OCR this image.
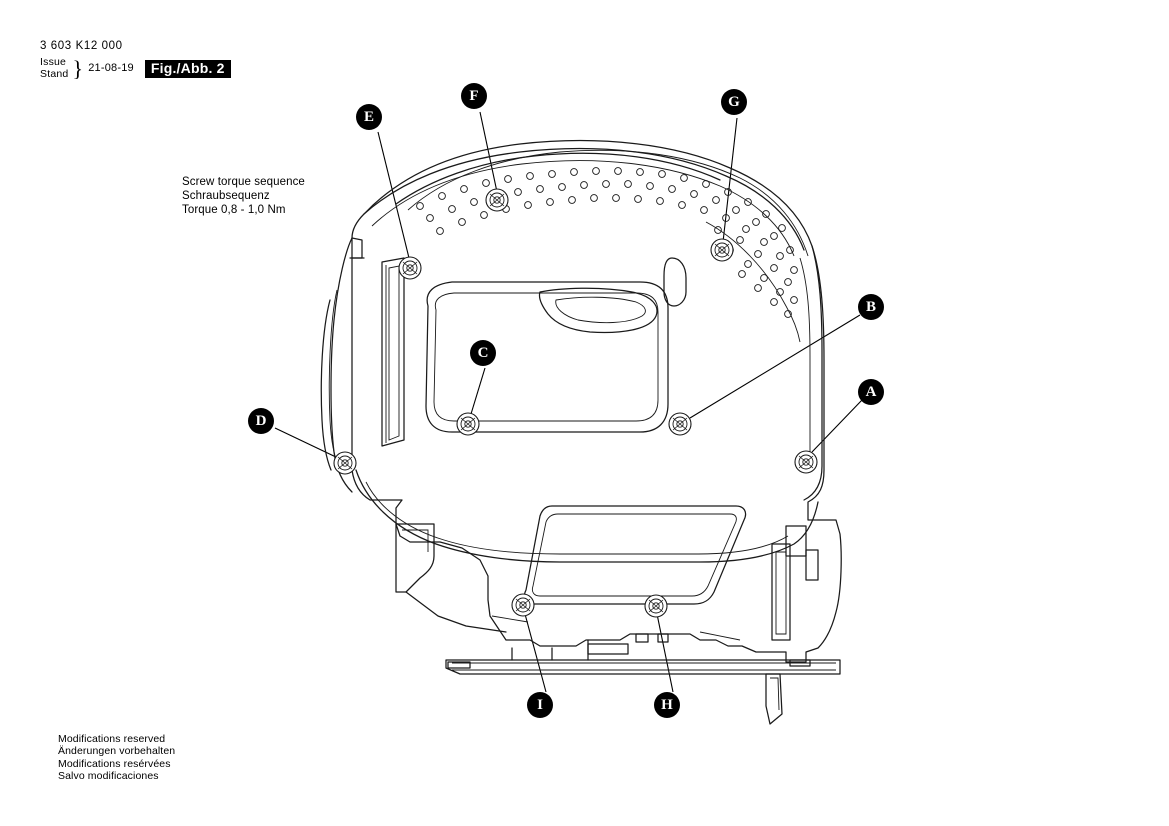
3 603 K12 000
Issue
Stand } 21-08-19	Fig./Abb. 2
Screw torque sequence
Schraubsequenz
Torque 0,8 - 1,0 Nm
A
B
C
D
E
F	G
H
I
Modifications reserved
Änderungen vorbehalten
Modifications resérvées
Salvo modificaciones
